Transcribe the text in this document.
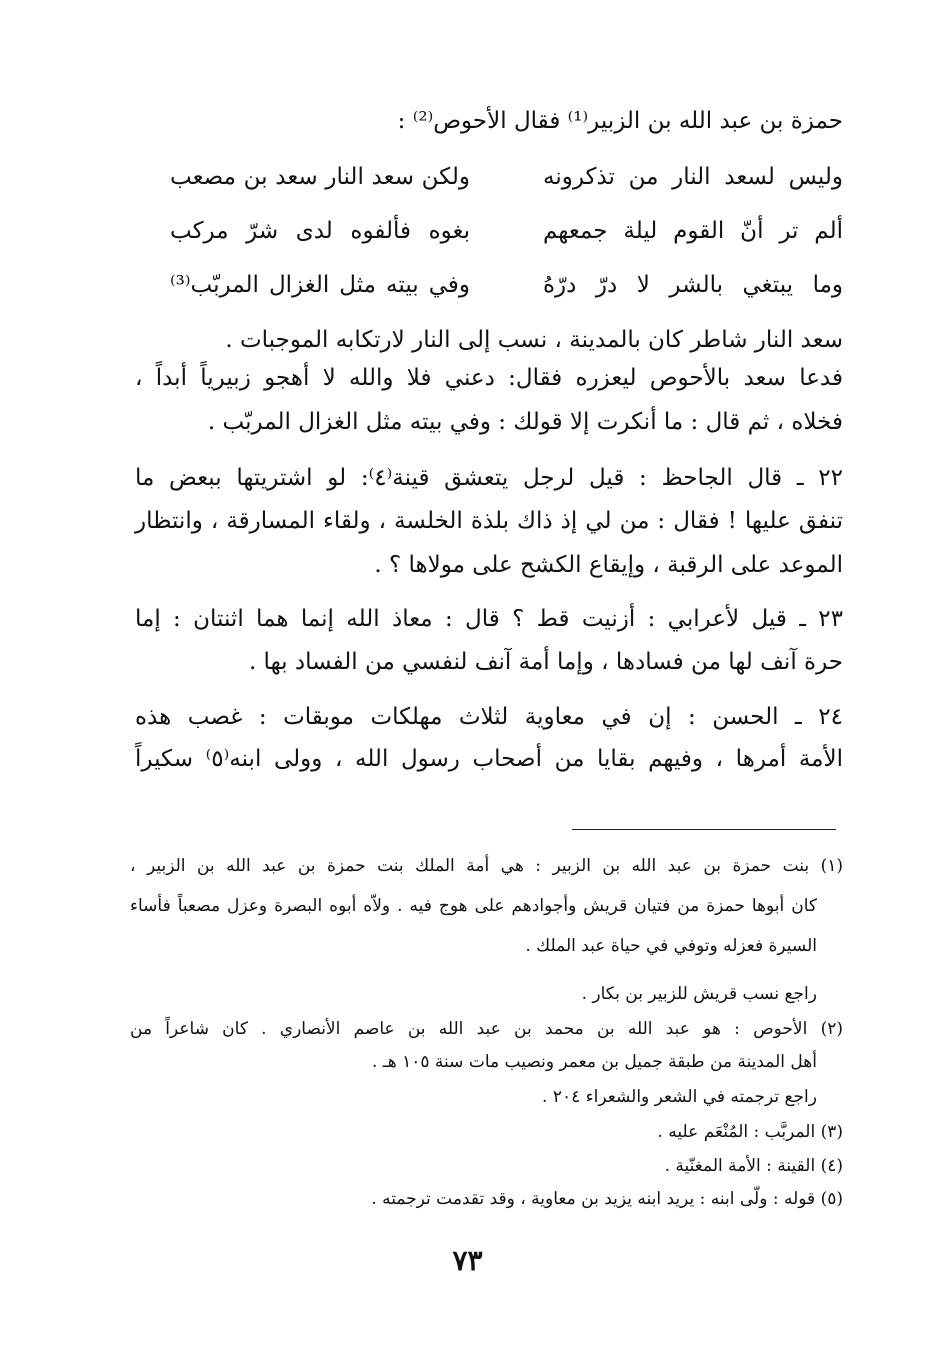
حمزة بن عبد الله بن الزبير⁽¹⁾ فقال الأحوص⁽²⁾ :
وليس لسعد النار من تذكرونه
ولكن سعد النار سعد بن مصعب
ألم تر أنّ القوم ليلة جمعهم
بغوه فألفوه لدى شرّ مركب
وما يبتغي بالشر لا درّ درّهُ
وفي بيته مثل الغزال المربّب⁽³⁾
سعد النار شاطر كان بالمدينة ، نسب إلى النار لارتكابه الموجبات .
فدعا سعد بالأحوص ليعزره فقال: دعني فلا والله لا أهجو زبيرياً أبداً ،
فخلاه ، ثم قال : ما أنكرت إلا قولك : وفي بيته مثل الغزال المربّب .
٢٢ ـ قال الجاحظ : قيل لرجل يتعشق قينة⁽٤⁾: لو اشتريتها ببعض ما
تنفق عليها ! فقال : من لي إذ ذاك بلذة الخلسة ، ولقاء المسارقة ، وانتظار
الموعد على الرقبة ، وإيقاع الكشح على مولاها ؟ .
٢٣ ـ قيل لأعرابي : أزنيت قط ؟ قال : معاذ الله إنما هما اثنتان : إما
حرة آنف لها من فسادها ، وإما أمة آنف لنفسي من الفساد بها .
٢٤ ـ الحسن : إن في معاوية لثلاث مهلكات موبقات : غصب هذه
الأمة أمرها ، وفيهم بقايا من أصحاب رسول الله ، وولى ابنه⁽٥⁾ سكيراً
(١) بنت حمزة بن عبد الله بن الزبير : هي أمة الملك بنت حمزة بن عبد الله بن الزبير ،
كان أبوها حمزة من فتيان قريش وأجوادهم على هوج فيه . ولاّه أبوه البصرة وعزل مصعباً فأساء
السيرة فعزله وتوفي في حياة عبد الملك .
راجع نسب قريش للزبير بن بكار .
(٢) الأحوص : هو عبد الله بن محمد بن عبد الله بن عاصم الأنصاري . كان شاعراً من
أهل المدينة من طبقة جميل بن معمر ونصيب مات سنة ١٠٥ هـ .
راجع ترجمته في الشعر والشعراء ٢٠٤ .
(٣) المربَّب : المُنْعَم عليه .
(٤) القينة : الأمة المغنّية .
(٥) قوله : ولّى ابنه : يريد ابنه يزيد بن معاوية ، وقد تقدمت ترجمته .
٧٣
